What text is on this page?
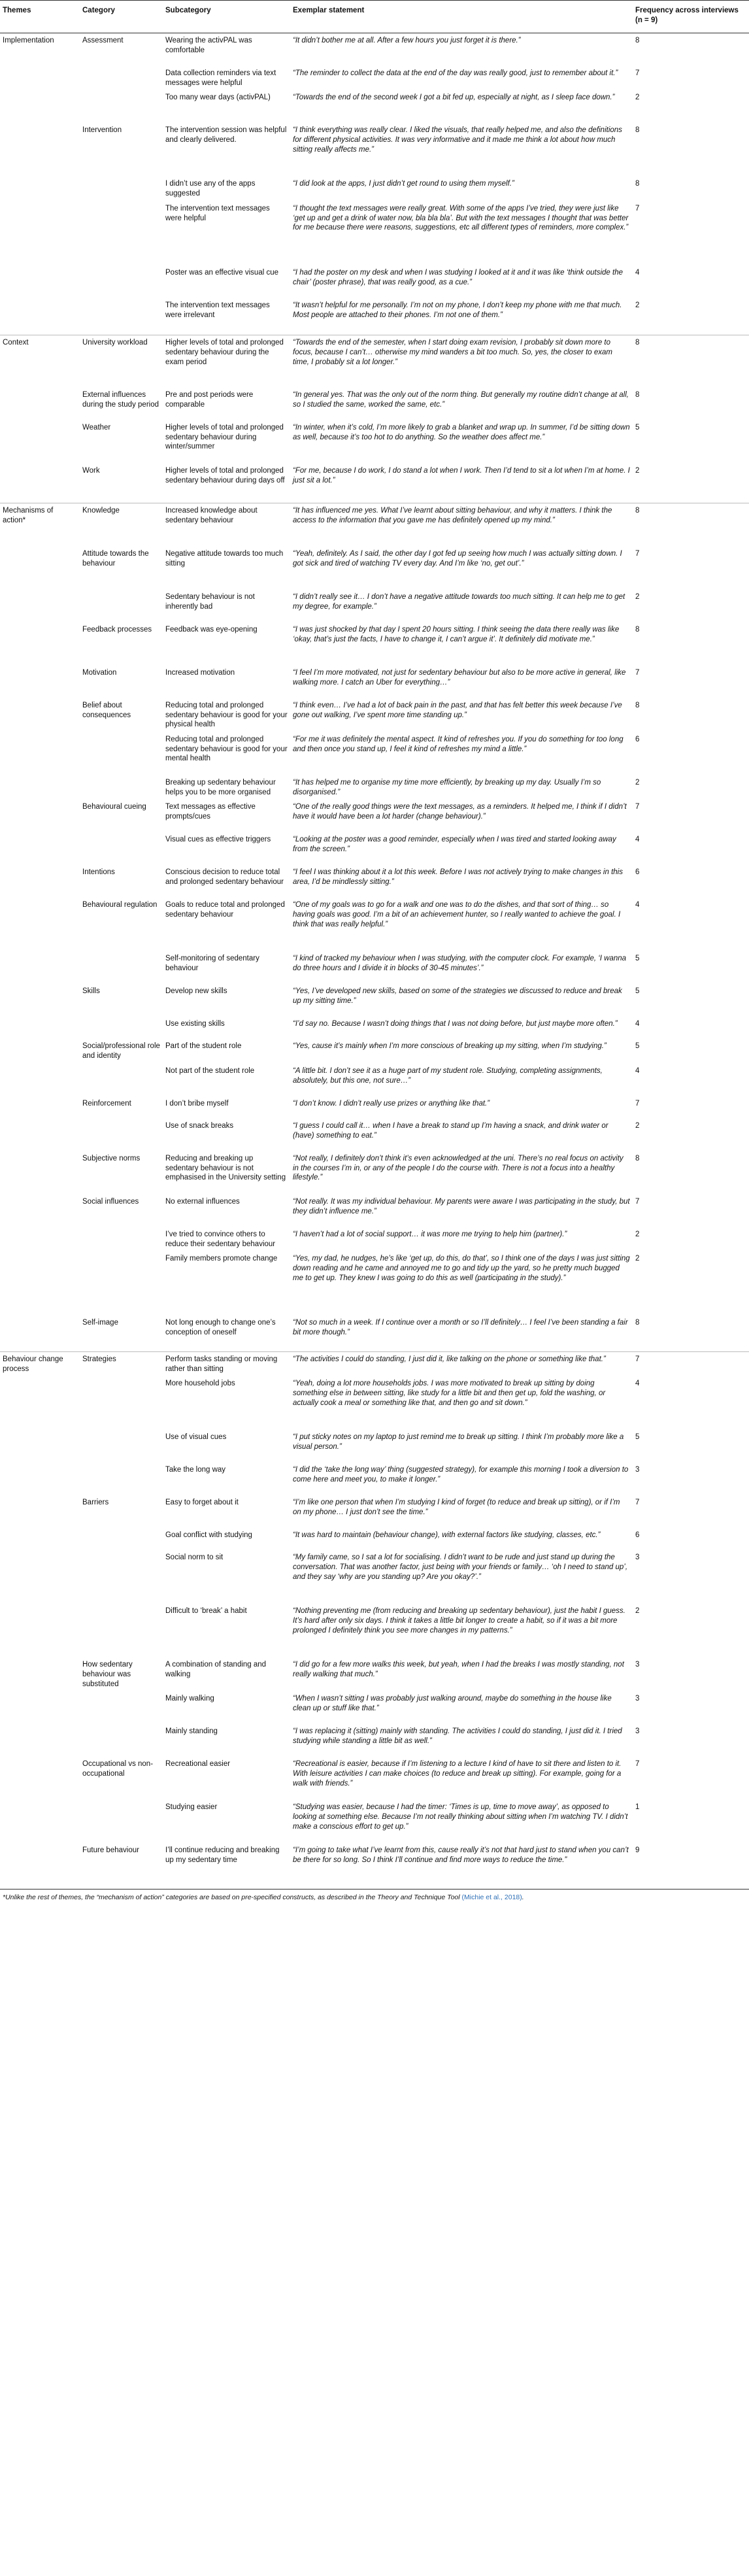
Themes	Category	Subcategory	Exemplar statement	Frequency across interviews (n = 9)
Implementation	Assessment	Wearing the activPAL was comfortable	“It didn’t bother me at all. After a few hours you just forget it is there.”	8
		Data collection reminders via text messages were helpful	“The reminder to collect the data at the end of the day was really good, just to remember about it.”	7
		Too many wear days (activPAL)	“Towards the end of the second week I got a bit fed up, especially at night, as I sleep face down.”	2
	Intervention	The intervention session was helpful and clearly delivered.	“I think everything was really clear. I liked the visuals, that really helped me, and also the definitions for different physical activities. It was very informative and it made me think a lot about how much sitting really affects me.”	8
		I didn’t use any of the apps suggested	“I did look at the apps, I just didn’t get round to using them myself.”	8
		The intervention text messages were helpful	“I thought the text messages were really great. With some of the apps I’ve tried, they were just like ‘get up and get a drink of water now, bla bla bla’. But with the text messages I thought that was better for me because there were reasons, suggestions, etc all different types of reminders, more complex.”	7
		Poster was an effective visual cue	“I had the poster on my desk and when I was studying I looked at it and it was like ‘think outside the chair’ (poster phrase), that was really good, as a cue.”	4
		The intervention text messages were irrelevant	“It wasn’t helpful for me personally. I’m not on my phone, I don’t keep my phone with me that much. Most people are attached to their phones. I’m not one of them.”	2
Context	University workload	Higher levels of total and prolonged sedentary behaviour during the exam period	“Towards the end of the semester, when I start doing exam revision, I probably sit down more to focus, because I can’t… otherwise my mind wanders a bit too much. So, yes, the closer to exam time, I probably sit a lot longer.”	8
	External influences during the study period	Pre and post periods were comparable	“In general yes. That was the only out of the norm thing. But generally my routine didn’t change at all, so I studied the same, worked the same, etc.”	8
	Weather	Higher levels of total and prolonged sedentary behaviour during winter/summer	“In winter, when it’s cold, I’m more likely to grab a blanket and wrap up. In summer, I’d be sitting down as well, because it’s too hot to do anything. So the weather does affect me.”	5
	Work	Higher levels of total and prolonged sedentary behaviour during days off	“For me, because I do work, I do stand a lot when I work. Then I’d tend to sit a lot when I’m at home. I just sit a lot.”	2
Mechanisms of action*	Knowledge	Increased knowledge about sedentary behaviour	“It has influenced me yes. What I’ve learnt about sitting behaviour, and why it matters. I think the access to the information that you gave me has definitely opened up my mind.”	8
	Attitude towards the behaviour	Negative attitude towards too much sitting	“Yeah, definitely. As I said, the other day I got fed up seeing how much I was actually sitting down. I got sick and tired of watching TV every day. And I’m like ‘no, get out’.”	7
		Sedentary behaviour is not inherently bad	“I didn’t really see it… I don’t have a negative attitude towards too much sitting. It can help me to get my degree, for example.”	2
	Feedback processes	Feedback was eye-opening	“I was just shocked by that day I spent 20 hours sitting. I think seeing the data there really was like ‘okay, that’s just the facts, I have to change it, I can’t argue it’. It definitely did motivate me.”	8
	Motivation	Increased motivation	“I feel I’m more motivated, not just for sedentary behaviour but also to be more active in general, like walking more. I catch an Uber for everything…”	7
	Belief about consequences	Reducing total and prolonged sedentary behaviour is good for your physical health	“I think even… I’ve had a lot of back pain in the past, and that has felt better this week because I’ve gone out walking, I’ve spent more time standing up.”	8
		Reducing total and prolonged sedentary behaviour is good for your mental health	“For me it was definitely the mental aspect. It kind of refreshes you. If you do something for too long and then once you stand up, I feel it kind of refreshes my mind a little.”	6
		Breaking up sedentary behaviour helps you to be more organised	“It has helped me to organise my time more efficiently, by breaking up my day. Usually I’m so disorganised.”	2
	Behavioural cueing	Text messages as effective prompts/cues	“One of the really good things were the text messages, as a reminders. It helped me, I think if I didn’t have it would have been a lot harder (change behaviour).”	7
		Visual cues as effective triggers	“Looking at the poster was a good reminder, especially when I was tired and started looking away from the screen.”	4
	Intentions	Conscious decision to reduce total and prolonged sedentary behaviour	“I feel I was thinking about it a lot this week. Before I was not actively trying to make changes in this area, I’d be mindlessly sitting.”	6
	Behavioural regulation	Goals to reduce total and prolonged sedentary behaviour	“One of my goals was to go for a walk and one was to do the dishes, and that sort of thing… so having goals was good. I’m a bit of an achievement hunter, so I really wanted to achieve the goal. I think that was really helpful.”	4
		Self-monitoring of sedentary behaviour	“I kind of tracked my behaviour when I was studying, with the computer clock. For example, ‘I wanna do three hours and I divide it in blocks of 30-45 minutes’.”	5
	Skills	Develop new skills	“Yes, I’ve developed new skills, based on some of the strategies we discussed to reduce and break up my sitting time.”	5
		Use existing skills	“I’d say no. Because I wasn’t doing things that I was not doing before, but just maybe more often.”	4
	Social/professional role and identity	Part of the student role	“Yes, cause it’s mainly when I’m more conscious of breaking up my sitting, when I’m studying.”	5
		Not part of the student role	“A little bit. I don’t see it as a huge part of my student role. Studying, completing assignments, absolutely, but this one, not sure…”	4
	Reinforcement	I don’t bribe myself	“I don’t know. I didn’t really use prizes or anything like that.”	7
		Use of snack breaks	“I guess I could call it… when I have a break to stand up I’m having a snack, and drink water or (have) something to eat.”	2
	Subjective norms	Reducing and breaking up sedentary behaviour is not emphasised in the University setting	“Not really, I definitely don’t think it’s even acknowledged at the uni. There’s no real focus on activity in the courses I’m in, or any of the people I do the course with. There is not a focus into a healthy lifestyle.”	8
	Social influences	No external influences	“Not really. It was my individual behaviour. My parents were aware I was participating in the study, but they didn’t influence me.”	7
		I’ve tried to convince others to reduce their sedentary behaviour	“I haven’t had a lot of social support… it was more me trying to help him (partner).”	2
		Family members promote change	“Yes, my dad, he nudges, he’s like ‘get up, do this, do that’, so I think one of the days I was just sitting down reading and he came and annoyed me to go and tidy up the yard, so he pretty much bugged me to get up. They knew I was going to do this as well (participating in the study).”	2
	Self-image	Not long enough to change one’s conception of oneself	“Not so much in a week. If I continue over a month or so I’ll definitely… I feel I’ve been standing a fair bit more though.”	8
Behaviour change process	Strategies	Perform tasks standing or moving rather than sitting	“The activities I could do standing, I just did it, like talking on the phone or something like that.”	7
		More household jobs	“Yeah, doing a lot more households jobs. I was more motivated to break up sitting by doing something else in between sitting, like study for a little bit and then get up, fold the washing, or actually cook a meal or something like that, and then go and sit down.”	4
		Use of visual cues	“I put sticky notes on my laptop to just remind me to break up sitting. I think I’m probably more like a visual person.”	5
		Take the long way	“I did the ‘take the long way’ thing (suggested strategy), for example this morning I took a diversion to come here and meet you, to make it longer.”	3
	Barriers	Easy to forget about it	“I’m like one person that when I’m studying I kind of forget (to reduce and break up sitting), or if I’m on my phone… I just don’t see the time.”	7
		Goal conflict with studying	“It was hard to maintain (behaviour change), with external factors like studying, classes, etc.”	6
		Social norm to sit	“My family came, so I sat a lot for socialising. I didn’t want to be rude and just stand up during the conversation. That was another factor, just being with your friends or family… ‘oh I need to stand up’, and they say ‘why are you standing up? Are you okay?’.”	3
		Difficult to ‘break’ a habit	“Nothing preventing me (from reducing and breaking up sedentary behaviour), just the habit I guess. It’s hard after only six days. I think it takes a little bit longer to create a habit, so if it was a bit more prolonged I definitely think you see more changes in my patterns.”	2
	How sedentary behaviour was substituted	A combination of standing and walking	“I did go for a few more walks this week, but yeah, when I had the breaks I was mostly standing, not really walking that much.”	3
		Mainly walking	“When I wasn’t sitting I was probably just walking around, maybe do something in the house like clean up or stuff like that.”	3
		Mainly standing	“I was replacing it (sitting) mainly with standing. The activities I could do standing, I just did it. I tried studying while standing a little bit as well.”	3
	Occupational vs non-occupational	Recreational easier	“Recreational is easier, because if I’m listening to a lecture I kind of have to sit there and listen to it. With leisure activities I can make choices (to reduce and break up sitting). For example, going for a walk with friends.”	7
		Studying easier	“Studying was easier, because I had the timer: ‘Times is up, time to move away’, as opposed to looking at something else. Because I’m not really thinking about sitting when I’m watching TV. I didn’t make a conscious effort to get up.”	1
	Future behaviour	I’ll continue reducing and breaking up my sedentary time	“I’m going to take what I’ve learnt from this, cause really it’s not that hard just to stand when you can’t be there for so long. So I think I’ll continue and find more ways to reduce the time.”	9
*Unlike the rest of themes, the “mechanism of action” categories are based on pre-specified constructs, as described in the Theory and Technique Tool (Michie et al., 2018).
